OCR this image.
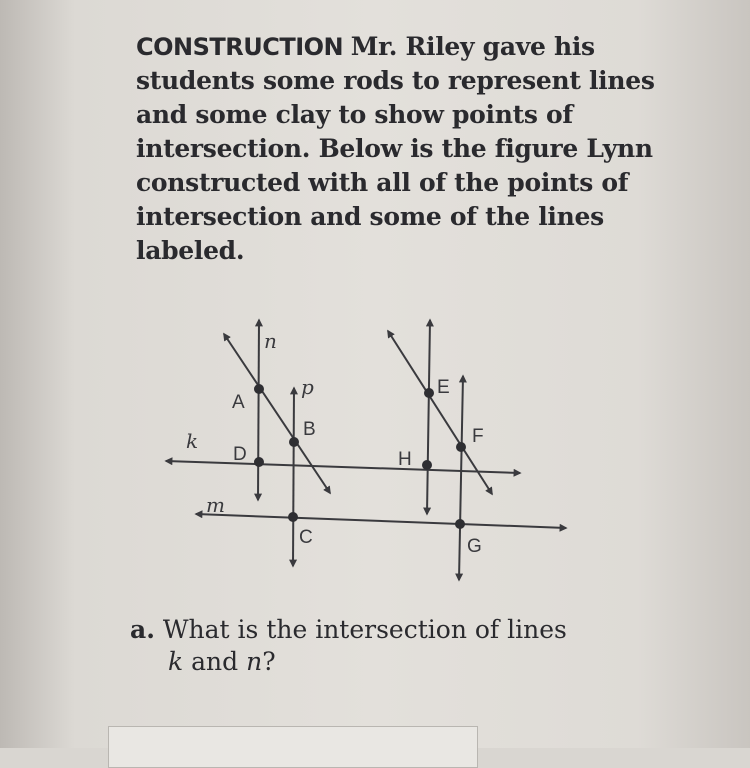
CONSTRUCTION Mr. Riley gave his students some rods to represent lines and some clay to show points of intersection. Below is the figure Lynn constructed with all of the points of intersection and some of the lines labeled.
A
B
D
C
E
F
H
G
n
p
k
m
a. What is the intersection of lines
k and n?
